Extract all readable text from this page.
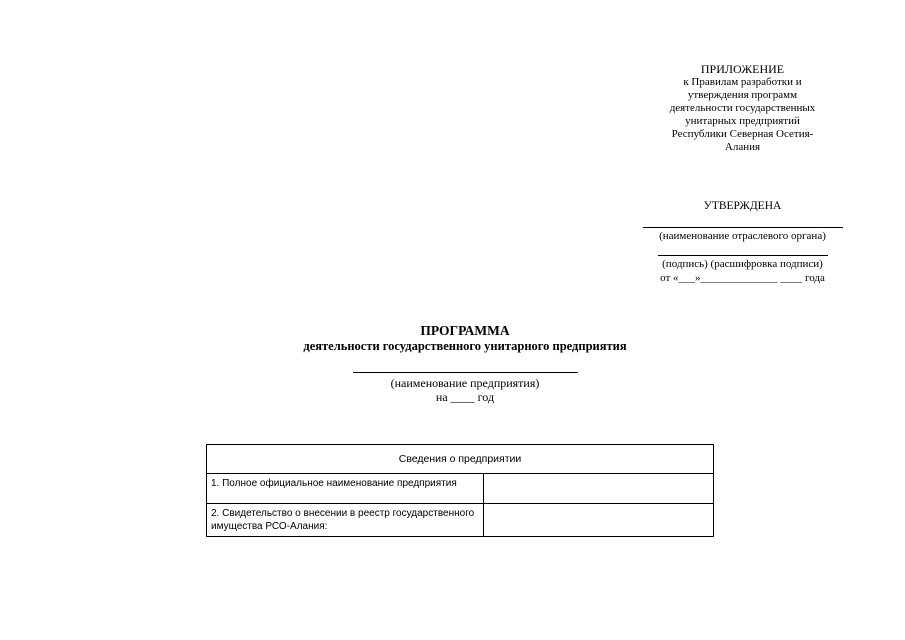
ПРИЛОЖЕНИЕ
к Правилам разработки и
утверждения программ
деятельности государственных
унитарных предприятий
Республики Северная Осетия-
Алания
УТВЕРЖДЕНА
(наименование отраслевого органа)
(подпись) (расшифровка подписи)
от «___»______________ ____ года
ПРОГРАММА
деятельности государственного унитарного предприятия
(наименование предприятия)
на ____ год
Сведения о предприятии	
1. Полное официальное наименование предприятия	
2. Свидетельство о внесении в реестр государственного имущества РСО-Алания:	
